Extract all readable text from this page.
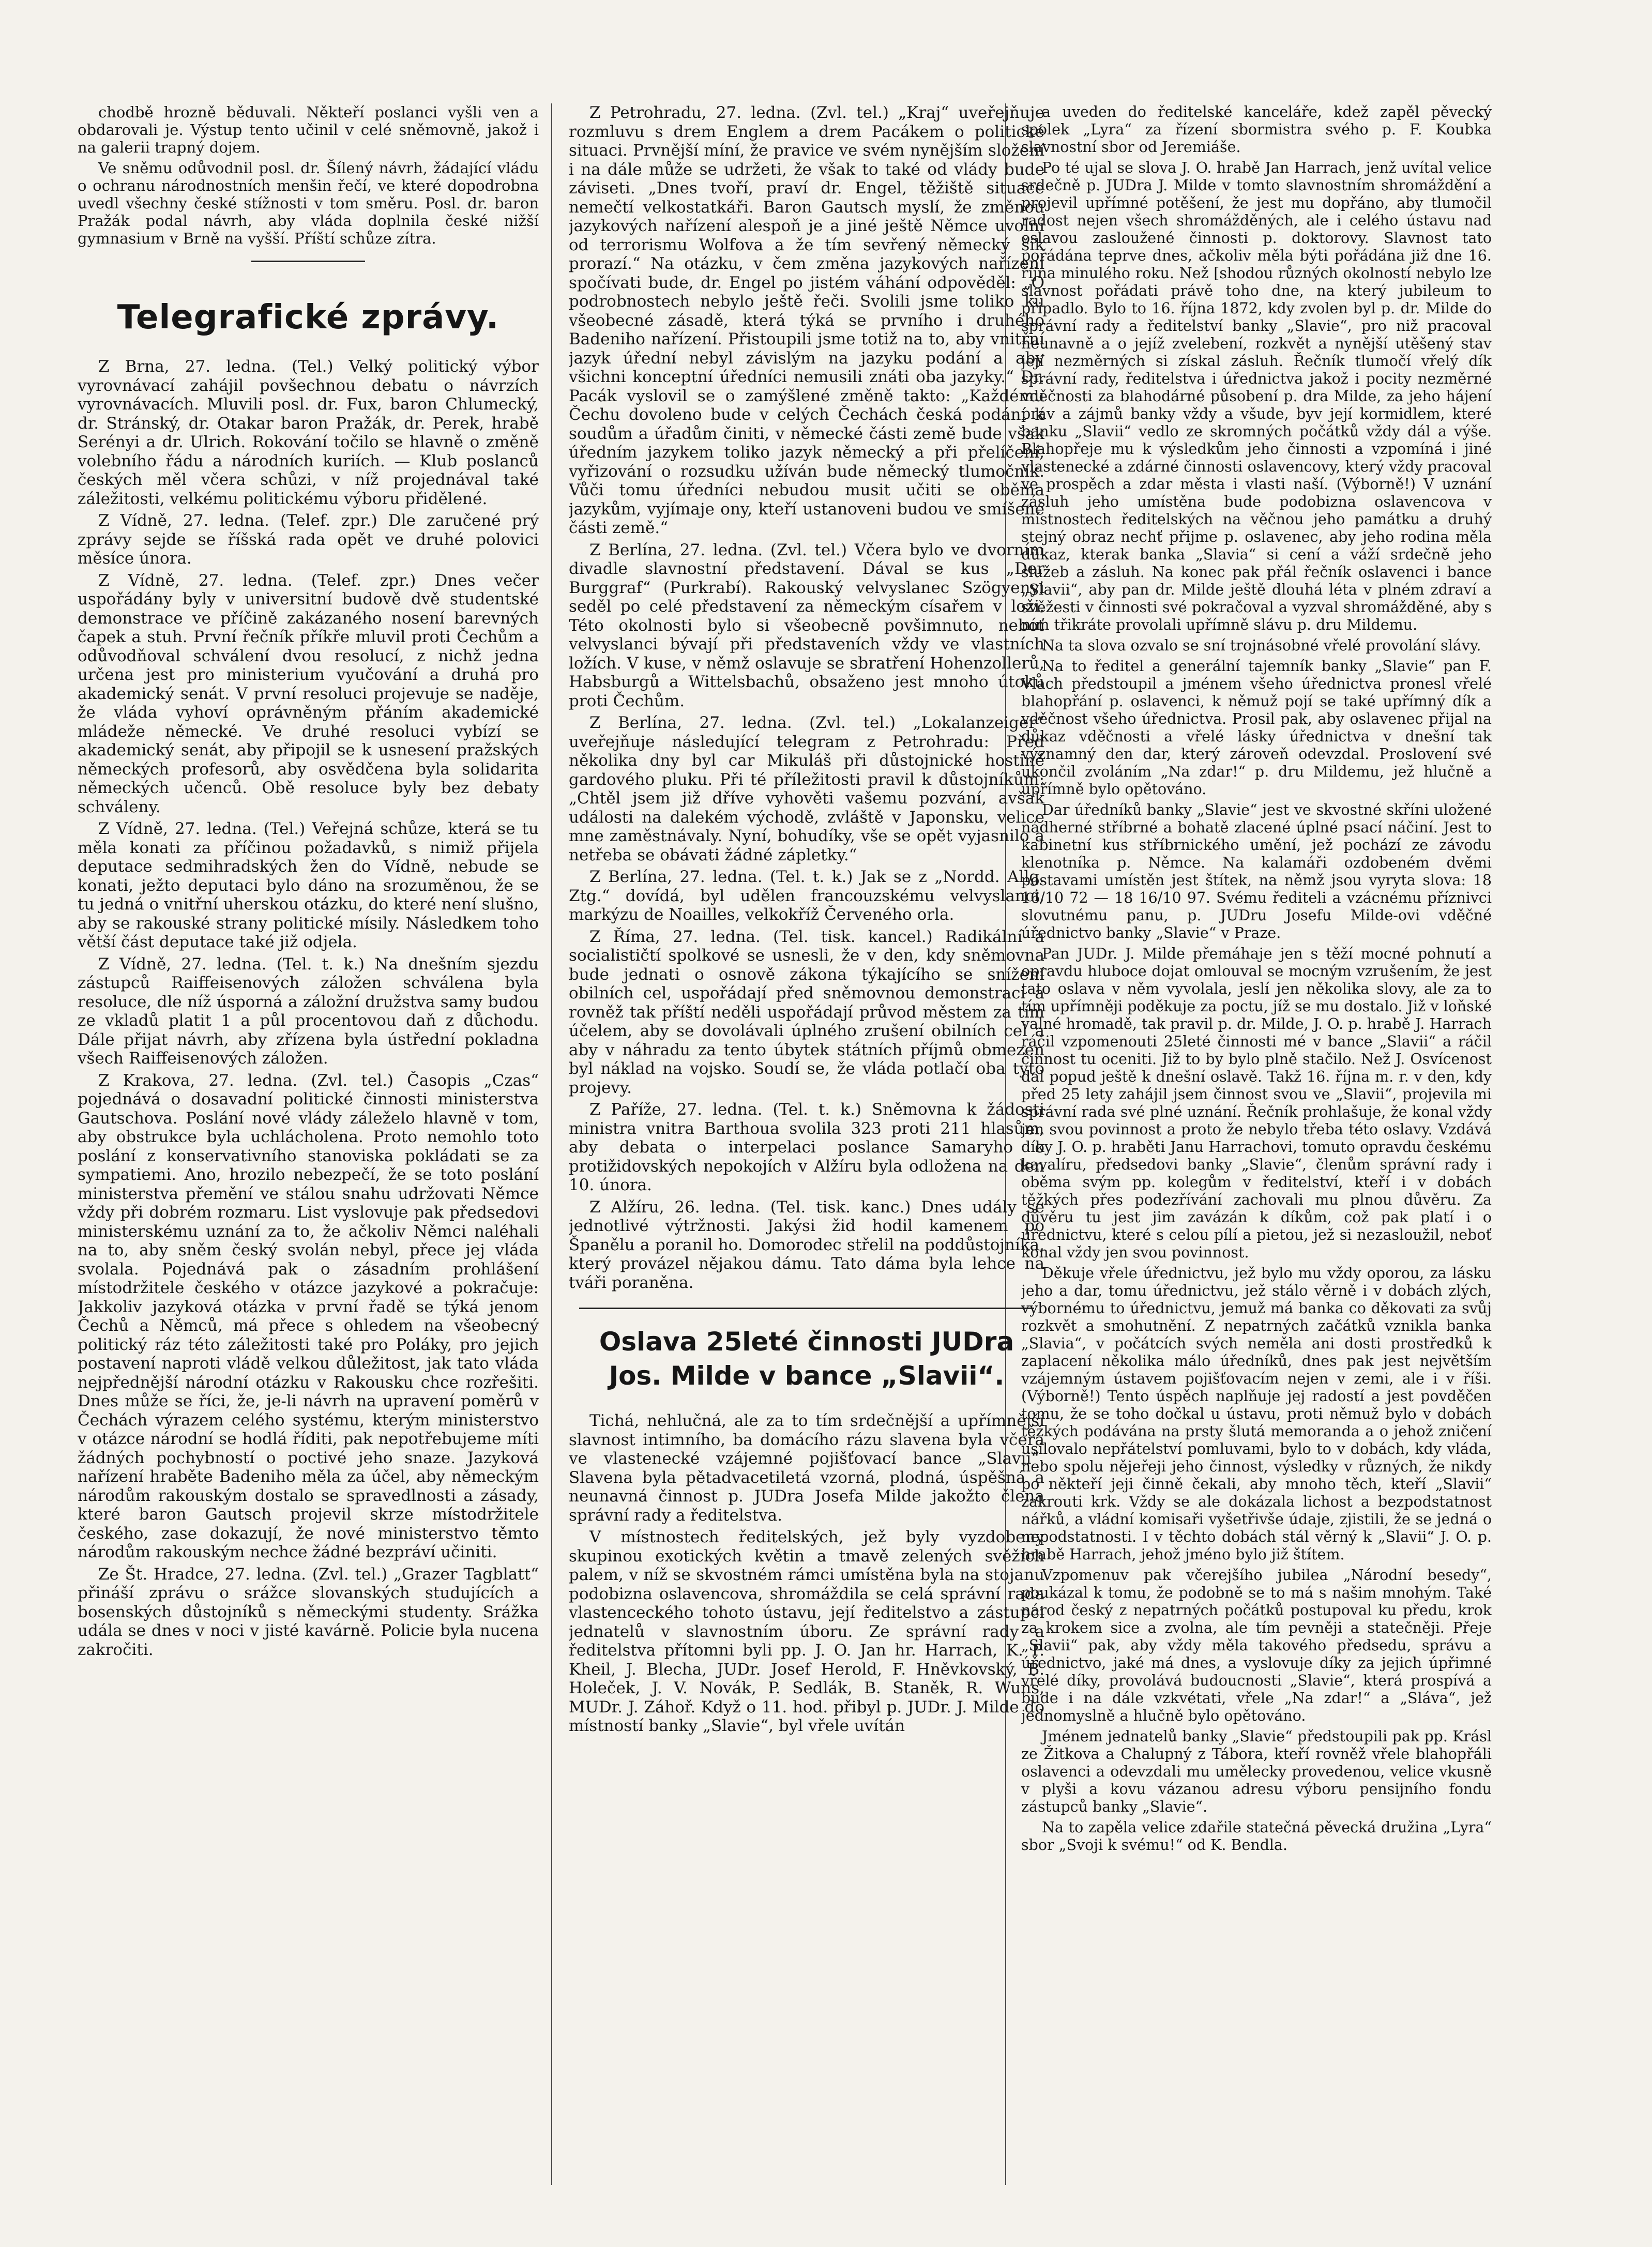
chodbě hrozně běduvali. Někteří poslanci vyšli ven a obdarovali je. Výstup tento učinil v celé sněmovně, jakož i na galerii trapný dojem.

Ve sněmu odůvodnil posl. dr. Šílený návrh, žádající vládu o ochranu národnostních menšin řečí, ve které dopodrobna uvedl všechny české stížnosti v tom směru. Posl. dr. baron Pražák podal návrh, aby vláda doplnila české nižší gymnasium v Brně na vyšší. Příští schůze zítra.

Telegrafické zprávy.

Z Brna, 27. ledna. (Tel.) Velký politický výbor vyrovnávací zahájil povšechnou debatu o návrzích vyrovnávacích. Mluvili posl. dr. Fux, baron Chlumecký, dr. Stránský, dr. Otakar baron Pražák, dr. Perek, hrabě Serényi a dr. Ulrich. Rokování točilo se hlavně o změně volebního řádu a národních kuriích. — Klub poslanců českých měl včera schůzi, v níž projednával také záležitosti, velkému politickému výboru přidělené.

Z Vídně, 27. ledna. (Telef. zpr.) Dle zaručené prý zprávy sejde se říšská rada opět ve druhé polovici měsíce února.

Z Vídně, 27. ledna. (Telef. zpr.) Dnes večer uspořádány byly v universitní budově dvě studentské demonstrace ve příčině zakázaného nosení barevných čapek a stuh. První řečník příkře mluvil proti Čechům a odůvodňoval schválení dvou resolucí, z nichž jedna určena jest pro ministerium vyučování a druhá pro akademický senát. V první resoluci projevuje se naděje, že vláda vyhoví oprávněným přáním akademické mládeže německé. Ve druhé resoluci vybízí se akademický senát, aby připojil se k usnesení pražských německých profesorů, aby osvědčena byla solidarita německých učenců. Obě resoluce byly bez debaty schváleny.

Z Vídně, 27. ledna. (Tel.) Veřejná schůze, která se tu měla konati za příčinou požadavků, s nimiž přijela deputace sedmihradských žen do Vídně, nebude se konati, ježto deputaci bylo dáno na srozuměnou, že se tu jedná o vnitřní uherskou otázku, do které není slušno, aby se rakouské strany politické mísily. Následkem toho větší část deputace také již odjela.

Z Vídně, 27. ledna. (Tel. t. k.) Na dnešním sjezdu zástupců Raiffeisenových záložen schválena byla resoluce, dle níž úsporná a záložní družstva samy budou ze vkladů platit 1 a půl procentovou daň z důchodu. Dále přijat návrh, aby zřízena byla ústřední pokladna všech Raiffeisenových záložen.

Z Krakova, 27. ledna. (Zvl. tel.) Časopis „Czas“ pojednává o dosavadní politické činnosti ministerstva Gautschova. Poslání nové vlády záleželo hlavně v tom, aby obstrukce byla uchlácholena. Proto nemohlo toto poslání z konservativního stanoviska pokládati se za sympatiemi. Ano, hrozilo nebezpečí, že se toto poslání ministerstva přemění ve stálou snahu udržovati Němce vždy při dobrém rozmaru. List vyslovuje pak předsedovi ministerskému uznání za to, že ačkoliv Němci naléhali na to, aby sněm český svolán nebyl, přece jej vláda svolala. Pojednává pak o zásadním prohlášení místodržitele českého v otázce jazykové a pokračuje: Jakkoliv jazyková otázka v první řadě se týká jenom Čechů a Němců, má přece s ohledem na všeobecný politický ráz této záležitosti také pro Poláky, pro jejich postavení naproti vládě velkou důležitost, jak tato vláda nejpřednější národní otázku v Rakousku chce rozřešiti. Dnes může se říci, že, je-li návrh na upravení poměrů v Čechách výrazem celého systému, kterým ministerstvo v otázce národní se hodlá říditi, pak nepotřebujeme míti žádných pochybností o poctivé jeho snaze. Jazyková nařízení hraběte Badeniho měla za účel, aby německým národům rakouským dostalo se spravedlnosti a zásady, které baron Gautsch projevil skrze místodržitele českého, zase dokazují, že nové ministerstvo těmto národům rakouským nechce žádné bezpráví učiniti.

Ze Št. Hradce, 27. ledna. (Zvl. tel.) „Grazer Tagblatt“ přináší zprávu o srážce slovanských studujících a bosenských důstojníků s německými studenty. Srážka udála se dnes v noci v jisté kavárně. Policie byla nucena zakročiti.

Z Petrohradu, 27. ledna. (Zvl. tel.) „Kraj“ uveřejňuje rozmluvu s drem Englem a drem Pacákem o politické situaci. Prvnější míní, že pravice ve svém nynějším složení i na dále může se udržeti, že však to také od vlády bude záviseti. „Dnes tvoří, praví dr. Engel, těžiště situace nemečtí velkostatkáři. Baron Gautsch myslí, že změnou jazykových nařízení alespoň je a jiné ještě Němce uvolní od terrorismu Wolfova a že tím sevřený německý šik prorazí.“ Na otázku, v čem změna jazykových nařízení spočívati bude, dr. Engel po jistém váhání odpověděl: „O podrobnostech nebylo ještě řeči. Svolili jsme toliko ku všeobecné zásadě, která týká se prvního i druhého Badeniho nařízení. Přistoupili jsme totiž na to, aby vnitřní jazyk úřední nebyl závislým na jazyku podání a aby všichni konceptní úředníci nemusili znáti oba jazyky.“ Dr. Pacák vyslovil se o zamýšlené změně takto: „Každému Čechu dovoleno bude v celých Čechách česká podání k soudům a úřadům činiti, v německé části země bude však úředním jazykem toliko jazyk německý a při přelíčení, vyřizování o rozsudku užíván bude německý tlumočník. Vůči tomu úředníci nebudou musit učiti se oběma jazykům, vyjímaje ony, kteří ustanoveni budou ve smíšené části země.“

Z Berlína, 27. ledna. (Zvl. tel.) Včera bylo ve dvorním divadle slavnostní představení. Dával se kus „Der Burggraf“ (Purkrabí). Rakouský velvyslanec Szögyenyi seděl po celé představení za německým císařem v loži. Této okolnosti bylo si všeobecně povšimnuto, neboť velvyslanci bývají při představeních vždy ve vlastních ložích. V kuse, v němž oslavuje se sbratření Hohenzollerů, Habsburgů a Wittelsbachů, obsaženo jest mnoho útoků proti Čechům.

Z Berlína, 27. ledna. (Zvl. tel.) „Lokalanzeiger“ uveřejňuje následující telegram z Petrohradu: Před několika dny byl car Mikuláš při důstojnické hostině gardového pluku. Při té příležitosti pravil k důstojníkům: „Chtěl jsem již dříve vyhověti vašemu pozvání, avšak události na dalekém východě, zvláště v Japonsku, velice mne zaměstnávaly. Nyní, bohudíky, vše se opět vyjasnilo a netřeba se obávati žádné zápletky.“

Z Berlína, 27. ledna. (Tel. t. k.) Jak se z „Nordd. Allg. Ztg.“ dovídá, byl udělen francouzskému velvyslanci, markýzu de Noailles, velkokříž Červeného orla.

Z Říma, 27. ledna. (Tel. tisk. kancel.) Radikální a socialističtí spolkové se usnesli, že v den, kdy sněmovna bude jednati o osnově zákona týkajícího se snížení obilních cel, uspořádají před sněmovnou demonstraci a rovněž tak příští neděli uspořádají průvod městem za tím účelem, aby se dovolávali úplného zrušení obilních cel a aby v náhradu za tento úbytek státních příjmů obmezen byl náklad na vojsko. Soudí se, že vláda potlačí oba tyto projevy.

Z Paříže, 27. ledna. (Tel. t. k.) Sněmovna k žádosti ministra vnitra Barthoua svolila 323 proti 211 hlasům, aby debata o interpelaci poslance Samaryho o protižidovských nepokojích v Alžíru byla odložena na den 10. února.

Z Alžíru, 26. ledna. (Tel. tisk. kanc.) Dnes udály se jednotlivé výtržnosti. Jakýsi žid hodil kamenem po Španělu a poranil ho. Domorodec střelil na poddůstojníka, který provázel nějakou dámu. Tato dáma byla lehce na tváři poraněna.

Oslava 25leté činnosti JUDra Jos. Milde v bance „Slavii“.

Tichá, nehlučná, ale za to tím srdečnější a upřímnější slavnost intimního, ba domácího rázu slavena byla včera ve vlastenecké vzájemné pojišťovací bance „Slavii“. Slavena byla pětadvacetiletá vzorná, plodná, úspěšná a neunavná činnost p. JUDra Josefa Milde jakožto člena správní rady a ředitelstva.

V místnostech ředitelských, jež byly vyzdobeny skupinou exotických květin a tmavě zelených svěžích palem, v níž se skvostném rámci umístěna byla na stojanu podobizna oslavencova, shromáždila se celá správní rada vlastenceckého tohoto ústavu, její ředitelstvo a zástupci jednatelů v slavnostním úboru. Ze správní rady a ředitelstva přítomni byli pp. J. O. Jan hr. Harrach, K. P. Kheil, J. Blecha, JUDr. Josef Herold, F. Hněvkovský, B. Holeček, J. V. Novák, P. Sedlák, B. Staněk, R. Wuns, MUDr. J. Záhoř. Když o 11. hod. přibyl p. JUDr. J. Milde do místností banky „Slavie“, byl vřele uvítán

a uveden do ředitelské kanceláře, kdež zapěl pěvecký spolek „Lyra“ za řízení sbormistra svého p. F. Koubka slavnostní sbor od Jeremiáše.

Po té ujal se slova J. O. hrabě Jan Harrach, jenž uvítal velice srdečně p. JUDra J. Milde v tomto slavnostním shromáždění a projevil upřímné potěšení, že jest mu dopřáno, aby tlumočil radost nejen všech shromážděných, ale i celého ústavu nad oslavou zasloužené činnosti p. doktorovy. Slavnost tato pořádána teprve dnes, ačkoliv měla býti pořádána již dne 16. října minulého roku. Než [shodou různých okolností nebylo lze slavnost pořádati právě toho dne, na který jubileum to připadlo. Bylo to 16. října 1872, kdy zvolen byl p. dr. Milde do správní rady a ředitelství banky „Slavie“, pro niž pracoval neunavně a o jejíž zvelebení, rozkvět a nynější utěšený stav její nezměrných si získal zásluh. Řečník tlumočí vřelý dík správní rady, ředitelstva i úřednictva jakož i pocity nezměrné vděčnosti za blahodárné působení p. dra Milde, za jeho hájení práv a zájmů banky vždy a všude, byv její kormidlem, které banku „Slavii“ vedlo ze skromných počátků vždy dál a výše. Blahopřeje mu k výsledkům jeho činnosti a vzpomíná i jiné vlastenecké a zdárné činnosti oslavencovy, který vždy pracoval ve prospěch a zdar města i vlasti naší. (Výborně!) V uznání zásluh jeho umístěna bude podobizna oslavencova v místnostech ředitelských na věčnou jeho památku a druhý stejný obraz nechť přijme p. oslavenec, aby jeho rodina měla důkaz, kterak banka „Slavia“ si cení a váží srdečně jeho služeb a zásluh. Na konec pak přál řečník oslavenci i bance „Slavii“, aby pan dr. Milde ještě dlouhá léta v plném zdraví a svěžesti v činnosti své pokračoval a vyzval shromážděné, aby s ním třikráte provolali upřímně slávu p. dru Mildemu.

Na ta slova ozvalo se sní trojnásobné vřelé provolání slávy.

Na to ředitel a generální tajemník banky „Slavie“ pan F. Vlach předstoupil a jménem všeho úřednictva pronesl vřelé blahopřání p. oslavenci, k němuž pojí se také upřímný dík a vděčnost všeho úřednictva. Prosil pak, aby oslavenec přijal na důkaz vděčnosti a vřelé lásky úřednictva v dnešní tak významný den dar, který zároveň odevzdal. Proslovení své ukončil zvoláním „Na zdar!“ p. dru Mildemu, jež hlučně a upřímně bylo opětováno.

Dar úředníků banky „Slavie“ jest ve skvostné skříni uložené nádherné stříbrné a bohatě zlacené úplné psací náčiní. Jest to kabinetní kus stříbrnického umění, jež pochází ze závodu klenotníka p. Němce. Na kalamáři ozdobeném dvěmi postavami umístěn jest štítek, na němž jsou vyryta slova: 18 16/10 72 — 18 16/10 97. Svému řediteli a vzácnému příznivci slovutnému panu, p. JUDru Josefu Milde-ovi vděčné úřednictvo banky „Slavie“ v Praze.

Pan JUDr. J. Milde přemáhaje jen s těží mocné pohnutí a opravdu hluboce dojat omlouval se mocným vzrušením, že jest tato oslava v něm vyvolala, jeslí jen několika slovy, ale za to tím upřímněji poděkuje za poctu, jíž se mu dostalo. Již v loňské valné hromadě, tak pravil p. dr. Milde, J. O. p. hrabě J. Harrach ráčil vzpomenouti 25leté činnosti mé v bance „Slavii“ a ráčil činnost tu oceniti. Již to by bylo plně stačilo. Než J. Osvícenost dal popud ještě k dnešní oslavě. Takž 16. října m. r. v den, kdy před 25 lety zahájil jsem činnost svou ve „Slavii“, projevila mi správní rada své plné uznání. Řečník prohlašuje, že konal vždy jen svou povinnost a proto že nebylo třeba této oslavy. Vzdává díky J. O. p. hraběti Janu Harrachovi, tomuto opravdu českému kavalíru, předsedovi banky „Slavie“, členům správní rady i oběma svým pp. kolegům v ředitelství, kteří i v dobách těžkých přes podezřívání zachovali mu plnou důvěru. Za důvěru tu jest jim zavázán k díkům, což pak platí i o úřednictvu, které s celou pílí a pietou, jež si nezasloužil, neboť konal vždy jen svou povinnost.

Děkuje vřele úřednictvu, jež bylo mu vždy oporou, za lásku jeho a dar, tomu úřednictvu, jež stálo věrně i v dobách zlých, výbornému to úřednictvu, jemuž má banka co děkovati za svůj rozkvět a smohutnění. Z nepatrných začátků vznikla banka „Slavia“, v počátcích svých neměla ani dosti prostředků k zaplacení několika málo úředníků, dnes pak jest největším vzájemným ústavem pojišťovacím nejen v zemi, ale i v říši. (Výborně!) Tento úspěch naplňuje jej radostí a jest povděčen tomu, že se toho dočkal u ústavu, proti němuž bylo v dobách těžkých podávána na prsty šlutá memoranda a o jehož zničení usilovalo nepřátelství pomluvami, bylo to v dobách, kdy vláda, nebo spolu nějeřeji jeho činnost, výsledky v různých, že nikdy po někteří jeji činně čekali, aby mnoho těch, kteří „Slavii“ zakrouti krk. Vždy se ale dokázala lichost a bezpodstatnost nářků, a vládní komisaři vyšetřivše údaje, zjistili, že se jedná o nepodstatnosti. I v těchto dobách stál věrný k „Slavii“ J. O. p. hrabě Harrach, jehož jméno bylo již štítem.

Vzpomenuv pak včerejšího jubilea „Národní besedy“, poukázal k tomu, že podobně se to má s našim mnohým. Také národ český z nepatrných počátků postupoval ku předu, krok za krokem sice a zvolna, ale tím pevněji a statečněji. Přeje „Slavii“ pak, aby vždy měla takového předsedu, správu a úřednictvo, jaké má dnes, a vyslovuje díky za jejich úpřimné vřelé díky, provolává budoucnosti „Slavie“, která prospívá a bude i na dále vzkvétati, vřele „Na zdar!“ a „Sláva“, jež jednomyslně a hlučně bylo opětováno.

Jménem jednatelů banky „Slavie“ předstoupili pak pp. Krásl ze Žitkova a Chalupný z Tábora, kteří rovněž vřele blahopřáli oslavenci a odevzdali mu umělecky provedenou, velice vkusně v plyši a kovu vázanou adresu výboru pensijního fondu zástupců banky „Slavie“.

Na to zapěla velice zdařile statečná pěvecká družina „Lyra“ sbor „Svoji k svému!“ od K. Bendla.
